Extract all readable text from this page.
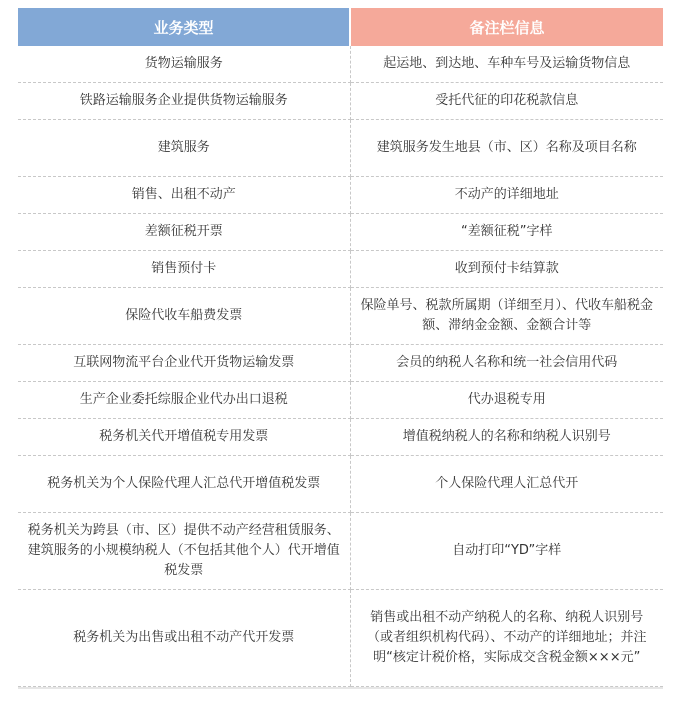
业务类型	备注栏信息
货物运输服务	起运地、到达地、车种车号及运输货物信息
铁路运输服务企业提供货物运输服务	受托代征的印花税款信息
建筑服务	建筑服务发生地县（市、区）名称及项目名称
销售、出租不动产	不动产的详细地址
差额征税开票	“差额征税”字样
销售预付卡	收到预付卡结算款
保险代收车船费发票	保险单号、税款所属期（详细至月）、代收车船税金额、滞纳金金额、金额合计等
互联网物流平台企业代开货物运输发票	会员的纳税人名称和统一社会信用代码
生产企业委托综服企业代办出口退税	代办退税专用
税务机关代开增值税专用发票	增值税纳税人的名称和纳税人识别号
税务机关为个人保险代理人汇总代开增值税发票	个人保险代理人汇总代开
税务机关为跨县（市、区）提供不动产经营租赁服务、建筑服务的小规模纳税人（不包括其他个人）代开增值税发票	自动打印“YD”字样
税务机关为出售或出租不动产代开发票	销售或出租不动产纳税人的名称、纳税人识别号（或者组织机构代码）、不动产的详细地址；并注明“核定计税价格，实际成交含税金额×××元”
